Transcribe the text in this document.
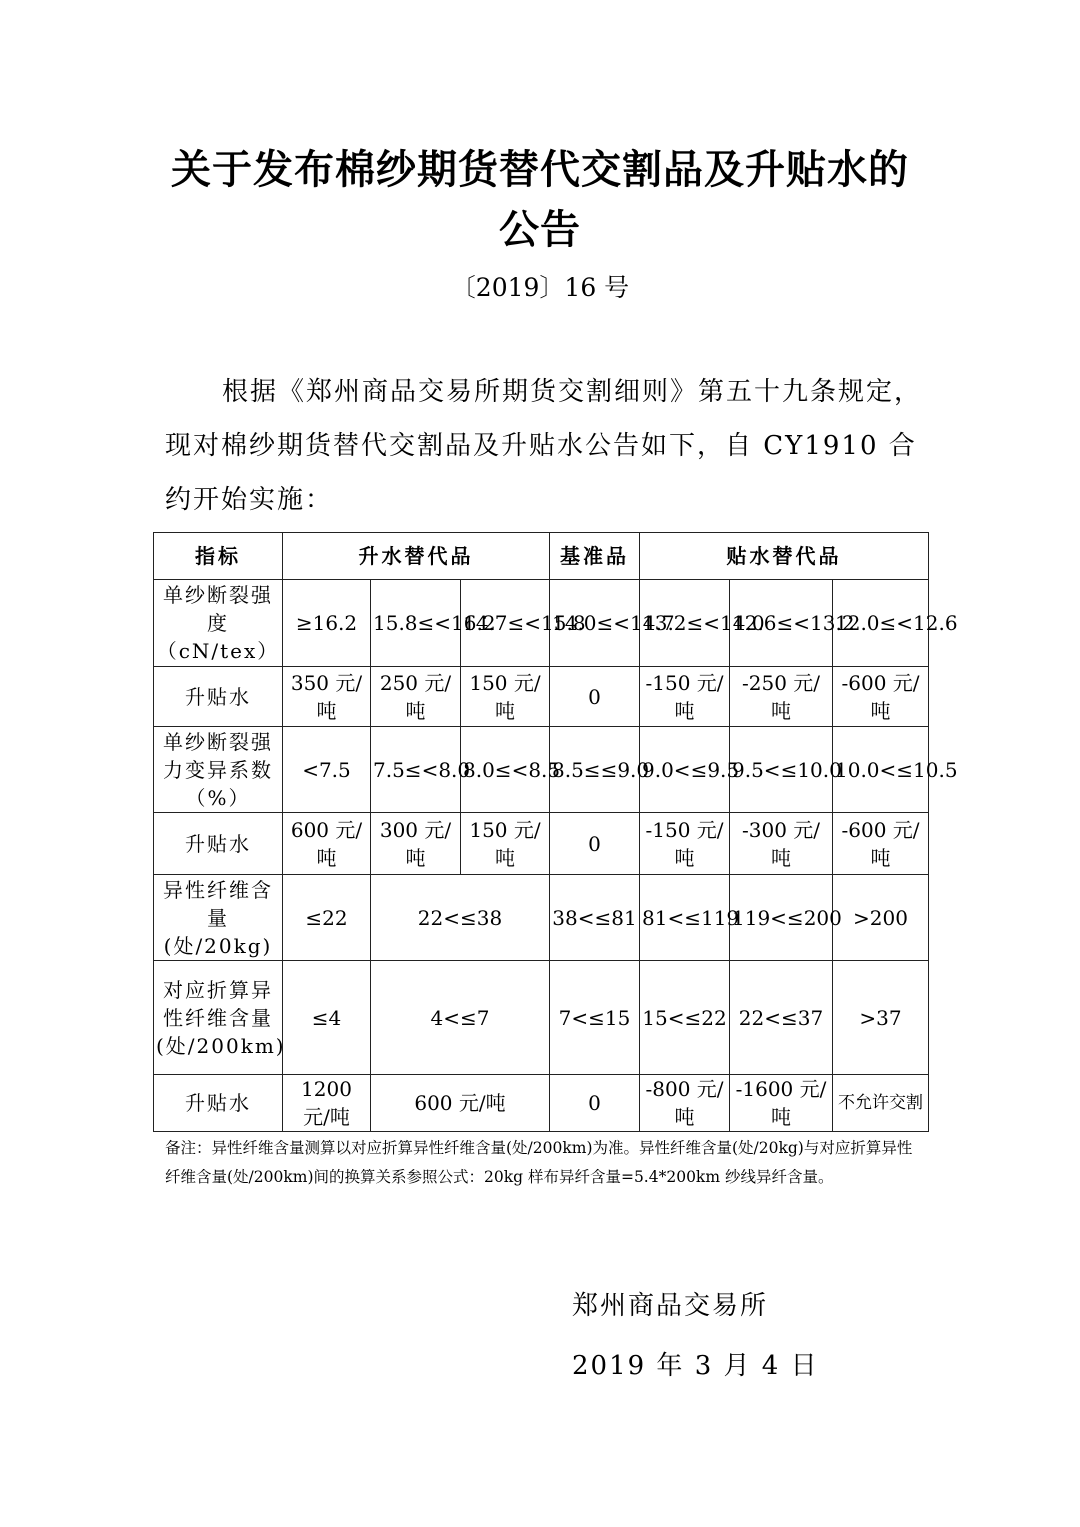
关于发布棉纱期货替代交割品及升贴水的
公告
〔2019〕16 号
根据《郑州商品交易所期货交割细则》第五十九条规定，现对棉纱期货替代交割品及升贴水公告如下，自 CY1910 合约开始实施：
指标	升水替代品			基准品	贴水替代品		
单纱断裂强度（cN/tex）	≥16.2	15.8≤<16.2	14.7≤<15.8	14.0≤<14.7	13.2≤<14.0	12.6≤<13.2	12.0≤<12.6
升贴水	350 元/吨	250 元/吨	150 元/吨	0	-150 元/吨	-250 元/吨	-600 元/吨
单纱断裂强力变异系数（%）	<7.5	7.5≤<8.0	8.0≤<8.5	8.5≤≤9.0	9.0<≤9.5	9.5<≤10.0	10.0<≤10.5
升贴水	600 元/吨	300 元/吨	150 元/吨	0	-150 元/吨	-300 元/吨	-600 元/吨
异性纤维含量(处/20kg)	≤22	22<≤38		38<≤81	81<≤119	119<≤200	>200
对应折算异性纤维含量(处/200km)	≤4	4<≤7		7<≤15	15<≤22	22<≤37	>37
升贴水	1200 元/吨	600 元/吨		0	-800 元/吨	-1600 元/吨	不允许交割
备注：异性纤维含量测算以对应折算异性纤维含量(处/200km)为准。异性纤维含量(处/20kg)与对应折算异性纤维含量(处/200km)间的换算关系参照公式：20kg 样布异纤含量=5.4*200km 纱线异纤含量。
郑州商品交易所
2019 年 3 月 4 日
